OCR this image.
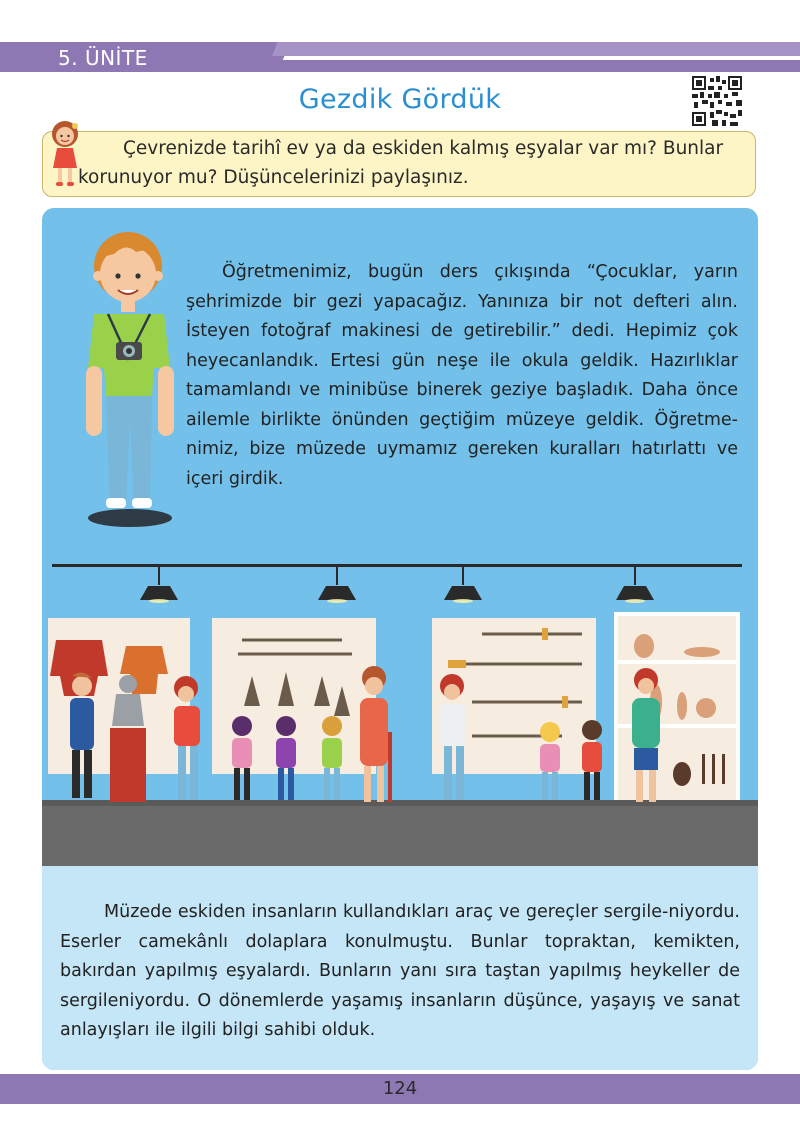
5. ÜNİTE
Gezdik Gördük
Çevrenizde tarihî ev ya da eskiden kalmış eşyalar var mı? Bunlar korunuyor mu? Düşüncelerinizi paylaşınız.
Öğretmenimiz, bugün ders çıkışında “Çocuklar, yarın şehrimizde bir gezi yapacağız. Yanınıza bir not defteri alın. İsteyen fotoğraf makinesi de getirebilir.” dedi. Hepimiz çok heyecanlandık. Ertesi gün neşe ile okula geldik. Hazırlıklar tamamlandı ve minibüse binerek geziye başladık. Daha önce ailemle birlikte önünden geçtiğim müzeye geldik. Öğretme-nimiz, bize müzede uymamız gereken kuralları hatırlattı ve içeri girdik.
Müzede eskiden insanların kullandıkları araç ve gereçler sergile-niyordu. Eserler camekânlı dolaplara konulmuştu. Bunlar topraktan, kemikten, bakırdan yapılmış eşyalardı. Bunların yanı sıra taştan yapılmış heykeller de sergileniyordu. O dönemlerde yaşamış insanların düşünce, yaşayış ve sanat anlayışları ile ilgili bilgi sahibi olduk.
124
